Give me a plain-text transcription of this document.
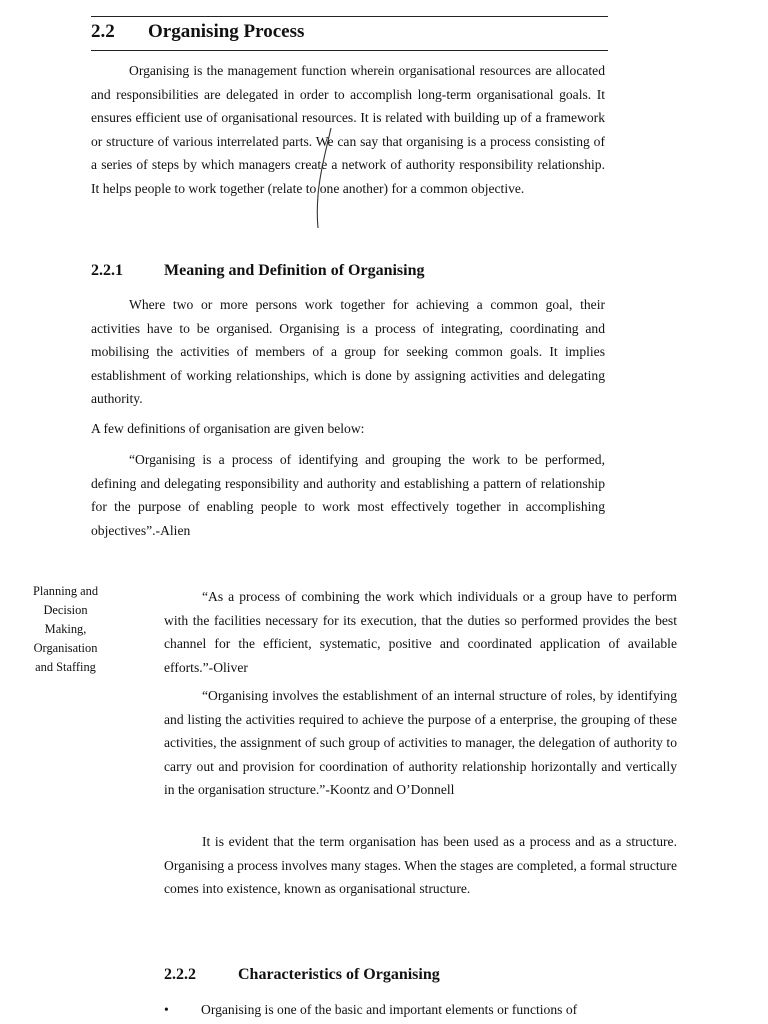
2.2 Organising Process

Organising is the management function wherein organisational resources are allocated and responsibilities are delegated in order to accomplish long-term organisational goals. It ensures efficient use of organisational resources. It is related with building up of a framework or structure of various interrelated parts. We can say that organising is a process consisting of a series of steps by which managers create a network of authority responsibility relationship. It helps people to work together (relate to one another) for a common objective.

2.2.1	Meaning and Definition of Organising

Where two or more persons work together for achieving a common goal, their activities have to be organised. Organising is a process of integrating, coordinating and mobilising the activities of members of a group for seeking common goals. It implies establishment of working relationships, which is done by assigning activities and delegating authority.

A few definitions of organisation are given below:

“Organising is a process of identifying and grouping the work to be performed, defining and delegating responsibility and authority and establishing a pattern of relationship for the purpose of enabling people to work most effectively together in accomplishing objectives”.-Alien

Planning and
Decision
Making,
Organisation
and Staffing

“As a process of combining the work which individuals or a group have to perform with the facilities necessary for its execution, that the duties so performed provides the best channel for the efficient, systematic, positive and coordinated application of available efforts.”-Oliver

“Organising involves the establishment of an internal structure of roles, by identifying and listing the activities required to achieve the purpose of a enterprise, the grouping of these activities, the assignment of such group of activities to manager, the delegation of authority to carry out and provision for coordination of authority relationship horizontally and vertically in the organisation structure.”-Koontz and O’Donnell

It is evident that the term organisation has been used as a process and as a structure. Organising a process involves many stages. When the stages are completed, a formal structure comes into existence, known as organisational structure.

2.2.2	Characteristics of Organising
•	Organising is one of the basic and important elements or functions of
